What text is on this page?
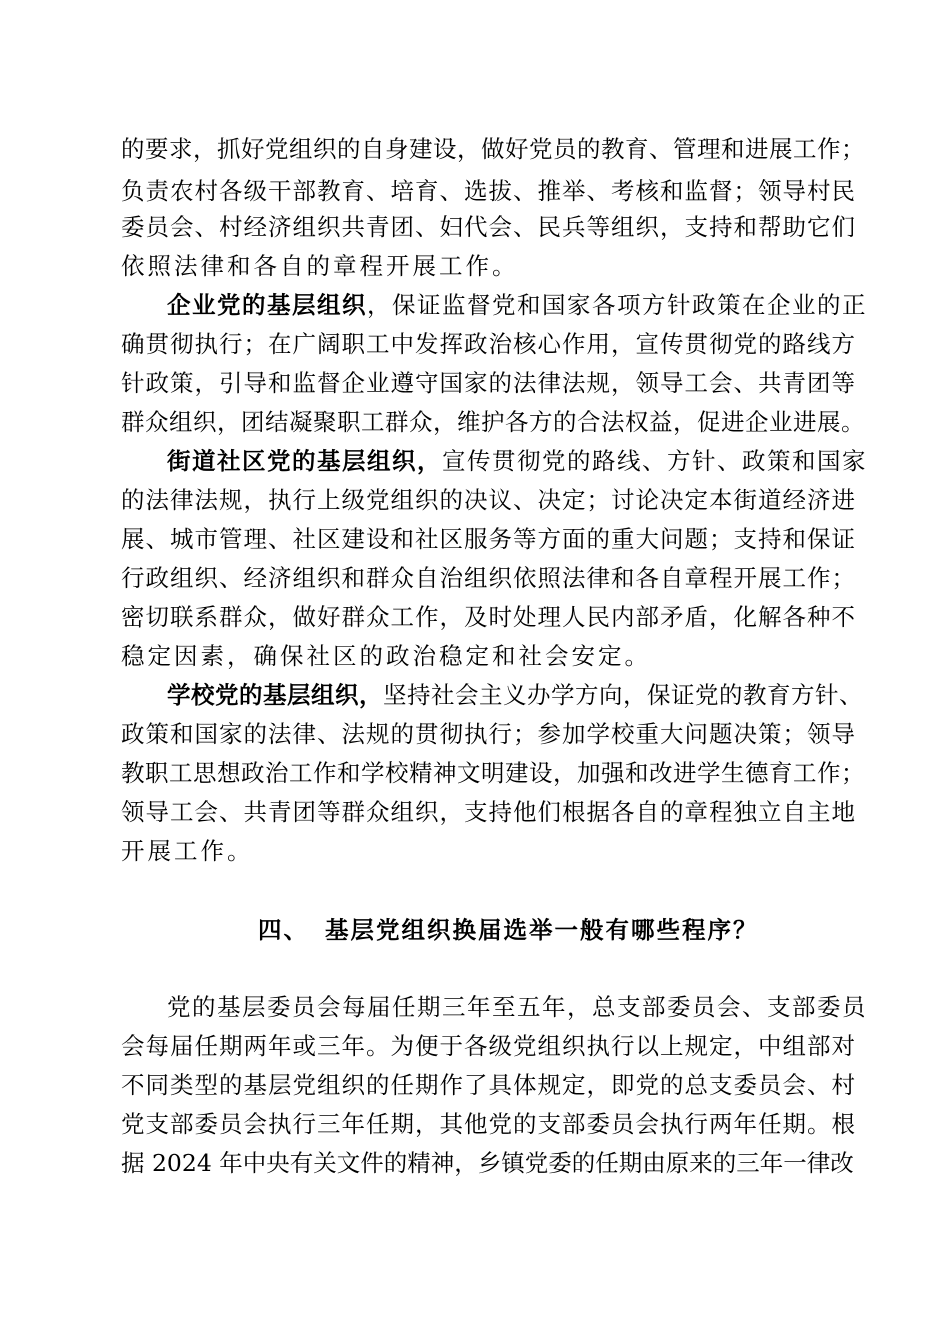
的要求，抓好党组织的自身建设，做好党员的教育、管理和进展工作；
负责农村各级干部教育、培育、选拔、推举、考核和监督；领导村民
委员会、村经济组织共青团、妇代会、民兵等组织，支持和帮助它们
依照法律和各自的章程开展工作。
企业党的基层组织，保证监督党和国家各项方针政策在企业的正
确贯彻执行；在广阔职工中发挥政治核心作用，宣传贯彻党的路线方
针政策，引导和监督企业遵守国家的法律法规，领导工会、共青团等
群众组织，团结凝聚职工群众，维护各方的合法权益，促进企业进展。
街道社区党的基层组织，宣传贯彻党的路线、方针、政策和国家
的法律法规，执行上级党组织的决议、决定；讨论决定本街道经济进
展、城市管理、社区建设和社区服务等方面的重大问题；支持和保证
行政组织、经济组织和群众自治组织依照法律和各自章程开展工作；
密切联系群众，做好群众工作，及时处理人民内部矛盾，化解各种不
稳定因素，确保社区的政治稳定和社会安定。
学校党的基层组织，坚持社会主义办学方向，保证党的教育方针、
政策和国家的法律、法规的贯彻执行；参加学校重大问题决策；领导
教职工思想政治工作和学校精神文明建设，加强和改进学生德育工作；
领导工会、共青团等群众组织，支持他们根据各自的章程独立自主地
开展工作。
四、 基层党组织换届选举一般有哪些程序？
党的基层委员会每届任期三年至五年，总支部委员会、支部委员
会每届任期两年或三年。为便于各级党组织执行以上规定，中组部对
不同类型的基层党组织的任期作了具体规定，即党的总支委员会、村
党支部委员会执行三年任期，其他党的支部委员会执行两年任期。根
据 2024 年中央有关文件的精神，乡镇党委的任期由原来的三年一律改
